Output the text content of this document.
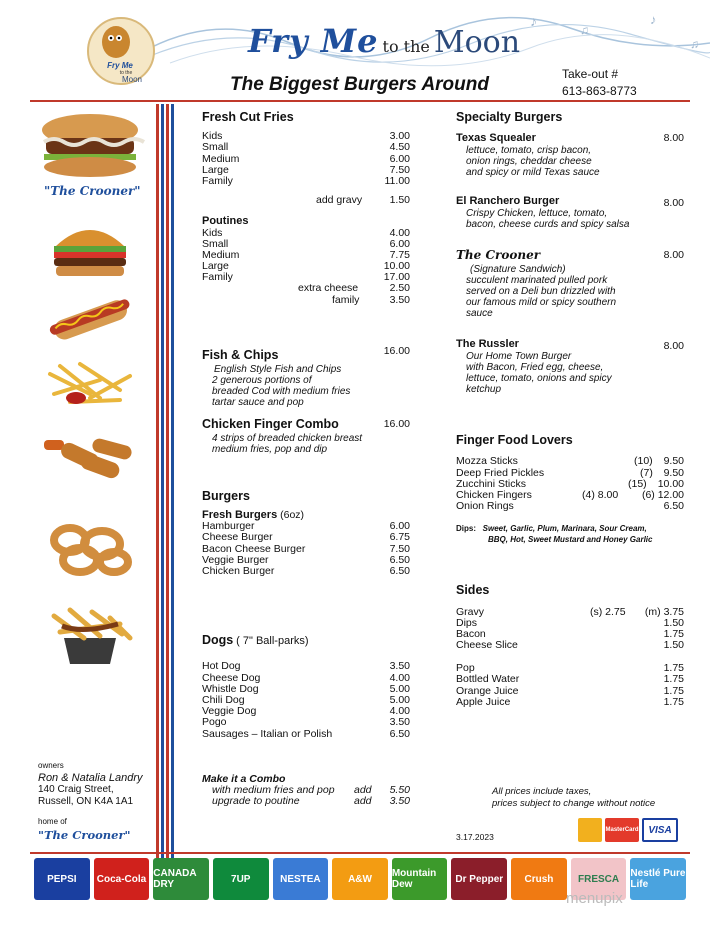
♪
♫
♪
♫
Fry Me
to the
Moon
Fry Me to the Moon
The Biggest Burgers Around	Take-out #
613-863-8773
"The Crooner"
owners
Ron & Natalia Landry
140 Craig Street,
Russell, ON K4A 1A1
home of
"The Crooner"
Fresh Cut Fries
Kids	3.00
Small	4.50
Medium	6.00
Large	7.50
Family	11.00
add gravy	1.50
Poutines
Kids	4.00
Small	6.00
Medium	7.75
Large	10.00
Family	17.00
extra cheese	2.50
family	3.50
Fish & Chips	16.00
English Style Fish and Chips
2 generous portions of
breaded Cod with medium fries
tartar sauce and pop
Chicken Finger Combo	16.00
4 strips of breaded chicken breast
medium fries, pop and dip
Burgers
Fresh Burgers (6oz)
Hamburger	6.00
Cheese Burger	6.75
Bacon Cheese Burger	7.50
Veggie Burger	6.50
Chicken Burger	6.50
Dogs ( 7" Ball-parks)
Hot Dog	3.50
Cheese Dog	4.00
Whistle Dog	5.00
Chili Dog	5.00
Veggie Dog	4.00
Pogo	3.50
Sausages – Italian or Polish	6.50
Make it a Combo
with medium fries and pop add 5.50
upgrade to poutine	add 3.50
Specialty Burgers
Texas Squealer	8.00
lettuce, tomato, crisp bacon,
onion rings, cheddar cheese
and spicy or mild Texas sauce
El Ranchero Burger	8.00
Crispy Chicken, lettuce, tomato,
bacon, cheese curds and spicy salsa
The Crooner	8.00
(Signature Sandwich)
succulent marinated pulled pork
served on a Deli bun drizzled with
our famous mild or spicy southern
sauce
The Russler	8.00
Our Home Town Burger
with Bacon, Fried egg, cheese,
lettuce, tomato, onions and spicy
ketchup
Finger Food Lovers
Mozza Sticks	(10) 9.50
Deep Fried Pickles	(7) 9.50
Zucchini Sticks	(15) 10.00
Chicken Fingers	(4) 8.00 (6) 12.00
Onion Rings	6.50
Dips: Sweet, Garlic, Plum, Marinara, Sour Cream,
BBQ, Hot, Sweet Mustard and Honey Garlic
Sides
Gravy	(s) 2.75 (m) 3.75
Dips	1.50
Bacon	1.75
Cheese Slice	1.50
Pop	1.75
Bottled Water	1.75
Orange Juice	1.75
Apple Juice	1.75
All prices include taxes,
prices subject to change without notice
3.17.2023
MasterCard VISA
PEPSI Coca-Cola CANADA DRY	7UP	NESTEA	A&W Mountain Dew	Dr Pepper Crush FRESCA Nestlé Pure Life
menupix
